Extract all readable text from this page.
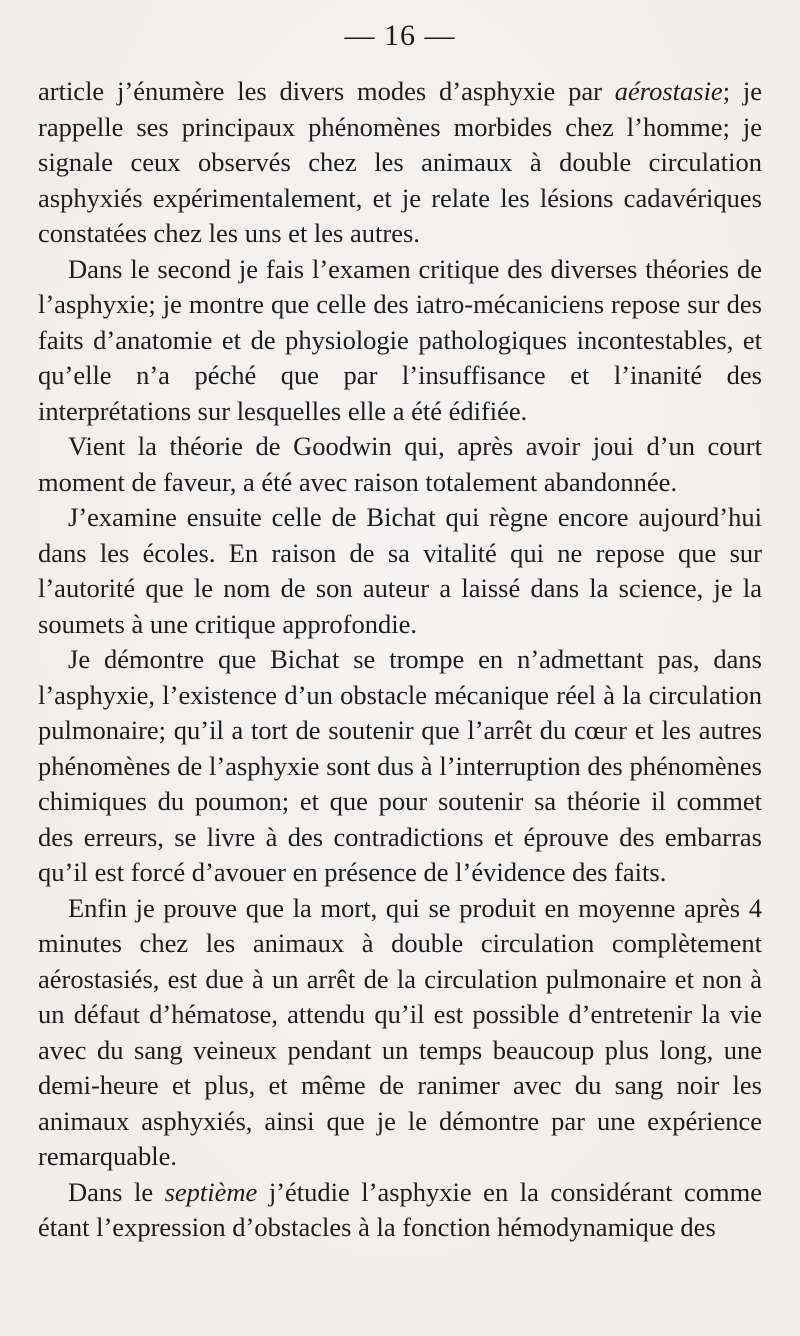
— 16 —

article j’énumère les divers modes d’asphyxie par aérostasie; je rappelle ses principaux phénomènes morbides chez l’homme; je signale ceux observés chez les animaux à double circulation asphyxiés expérimentalement, et je relate les lésions cadavériques constatées chez les uns et les autres.

Dans le second je fais l’examen critique des diverses théories de l’asphyxie; je montre que celle des iatro-mécaniciens repose sur des faits d’anatomie et de physiologie pathologiques incontestables, et qu’elle n’a péché que par l’insuffisance et l’inanité des interprétations sur lesquelles elle a été édifiée.

Vient la théorie de Goodwin qui, après avoir joui d’un court moment de faveur, a été avec raison totalement abandonnée.

J’examine ensuite celle de Bichat qui règne encore aujourd’hui dans les écoles. En raison de sa vitalité qui ne repose que sur l’autorité que le nom de son auteur a laissé dans la science, je la soumets à une critique approfondie.

Je démontre que Bichat se trompe en n’admettant pas, dans l’asphyxie, l’existence d’un obstacle mécanique réel à la circulation pulmonaire; qu’il a tort de soutenir que l’arrêt du cœur et les autres phénomènes de l’asphyxie sont dus à l’interruption des phénomènes chimiques du poumon; et que pour soutenir sa théorie il commet des erreurs, se livre à des contradictions et éprouve des embarras qu’il est forcé d’avouer en présence de l’évidence des faits.

Enfin je prouve que la mort, qui se produit en moyenne après 4 minutes chez les animaux à double circulation complètement aérostasiés, est due à un arrêt de la circulation pulmonaire et non à un défaut d’hématose, attendu qu’il est possible d’entretenir la vie avec du sang veineux pendant un temps beaucoup plus long, une demi-heure et plus, et même de ranimer avec du sang noir les animaux asphyxiés, ainsi que je le démontre par une expérience remarquable.

Dans le septième j’étudie l’asphyxie en la considérant comme étant l’expression d’obstacles à la fonction hémodynamique des
